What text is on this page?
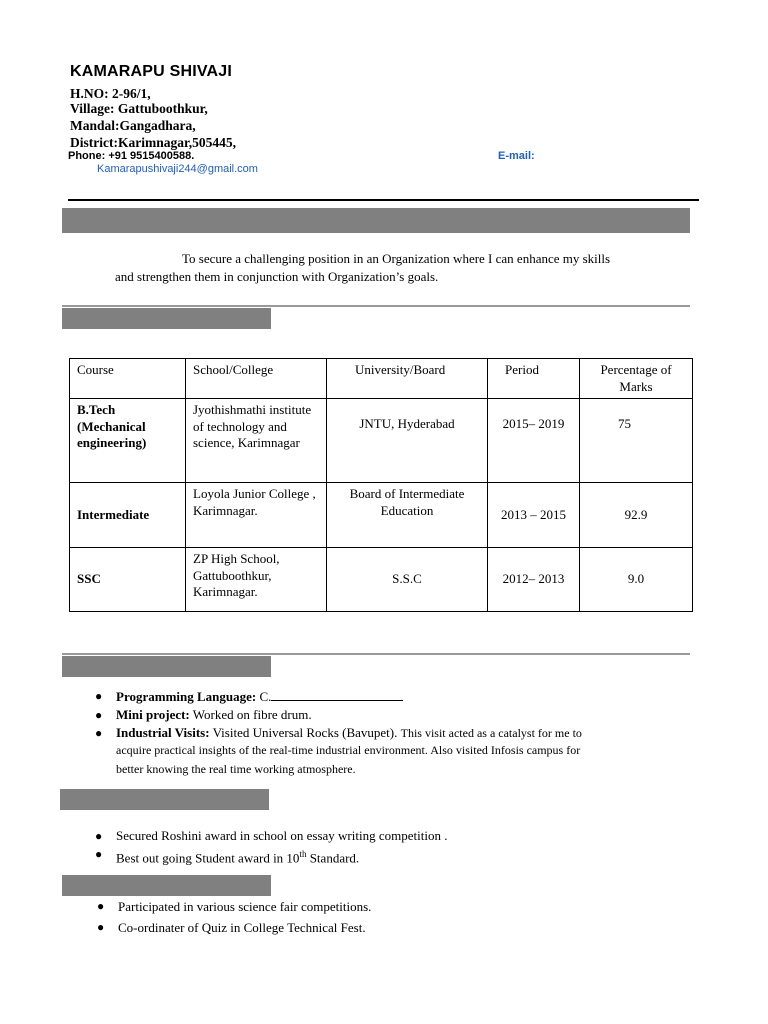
KAMARAPU SHIVAJI
H.NO: 2-96/1,
Village: Gattuboothkur,
Mandal:Gangadhara,
District:Karimnagar,505445,
Phone: +91 9515400588.	E-mail:
Kamarapushivaji244@gmail.com
To secure a challenging position in an Organization where I can enhance my skills
and strengthen them in conjunction with Organization’s goals.
Course	School/College	University/Board	Period	Percentage of Marks
B.Tech (Mechanical engineering)	Jyothishmathi institute of technology and science, Karimnagar	JNTU, Hyderabad	2015– 2019	75
Intermediate	Loyola Junior College , Karimnagar.	Board of Intermediate Education	2013 – 2015	92.9
SSC	ZP High School, Gattuboothkur, Karimnagar.	S.S.C	2012– 2013	9.0
● Programming Language: C.
● Mini project: Worked on fibre drum.
● Industrial Visits: Visited Universal Rocks (Bavupet). This visit acted as a catalyst for me to
acquire practical insights of the real-time industrial environment. Also visited Infosis campus for
better knowing the real time working atmosphere.
● Secured Roshini award in school on essay writing competition .
● Best out going Student award in 10th Standard.
● Participated in various science fair competitions.
● Co-ordinater of Quiz in College Technical Fest.
